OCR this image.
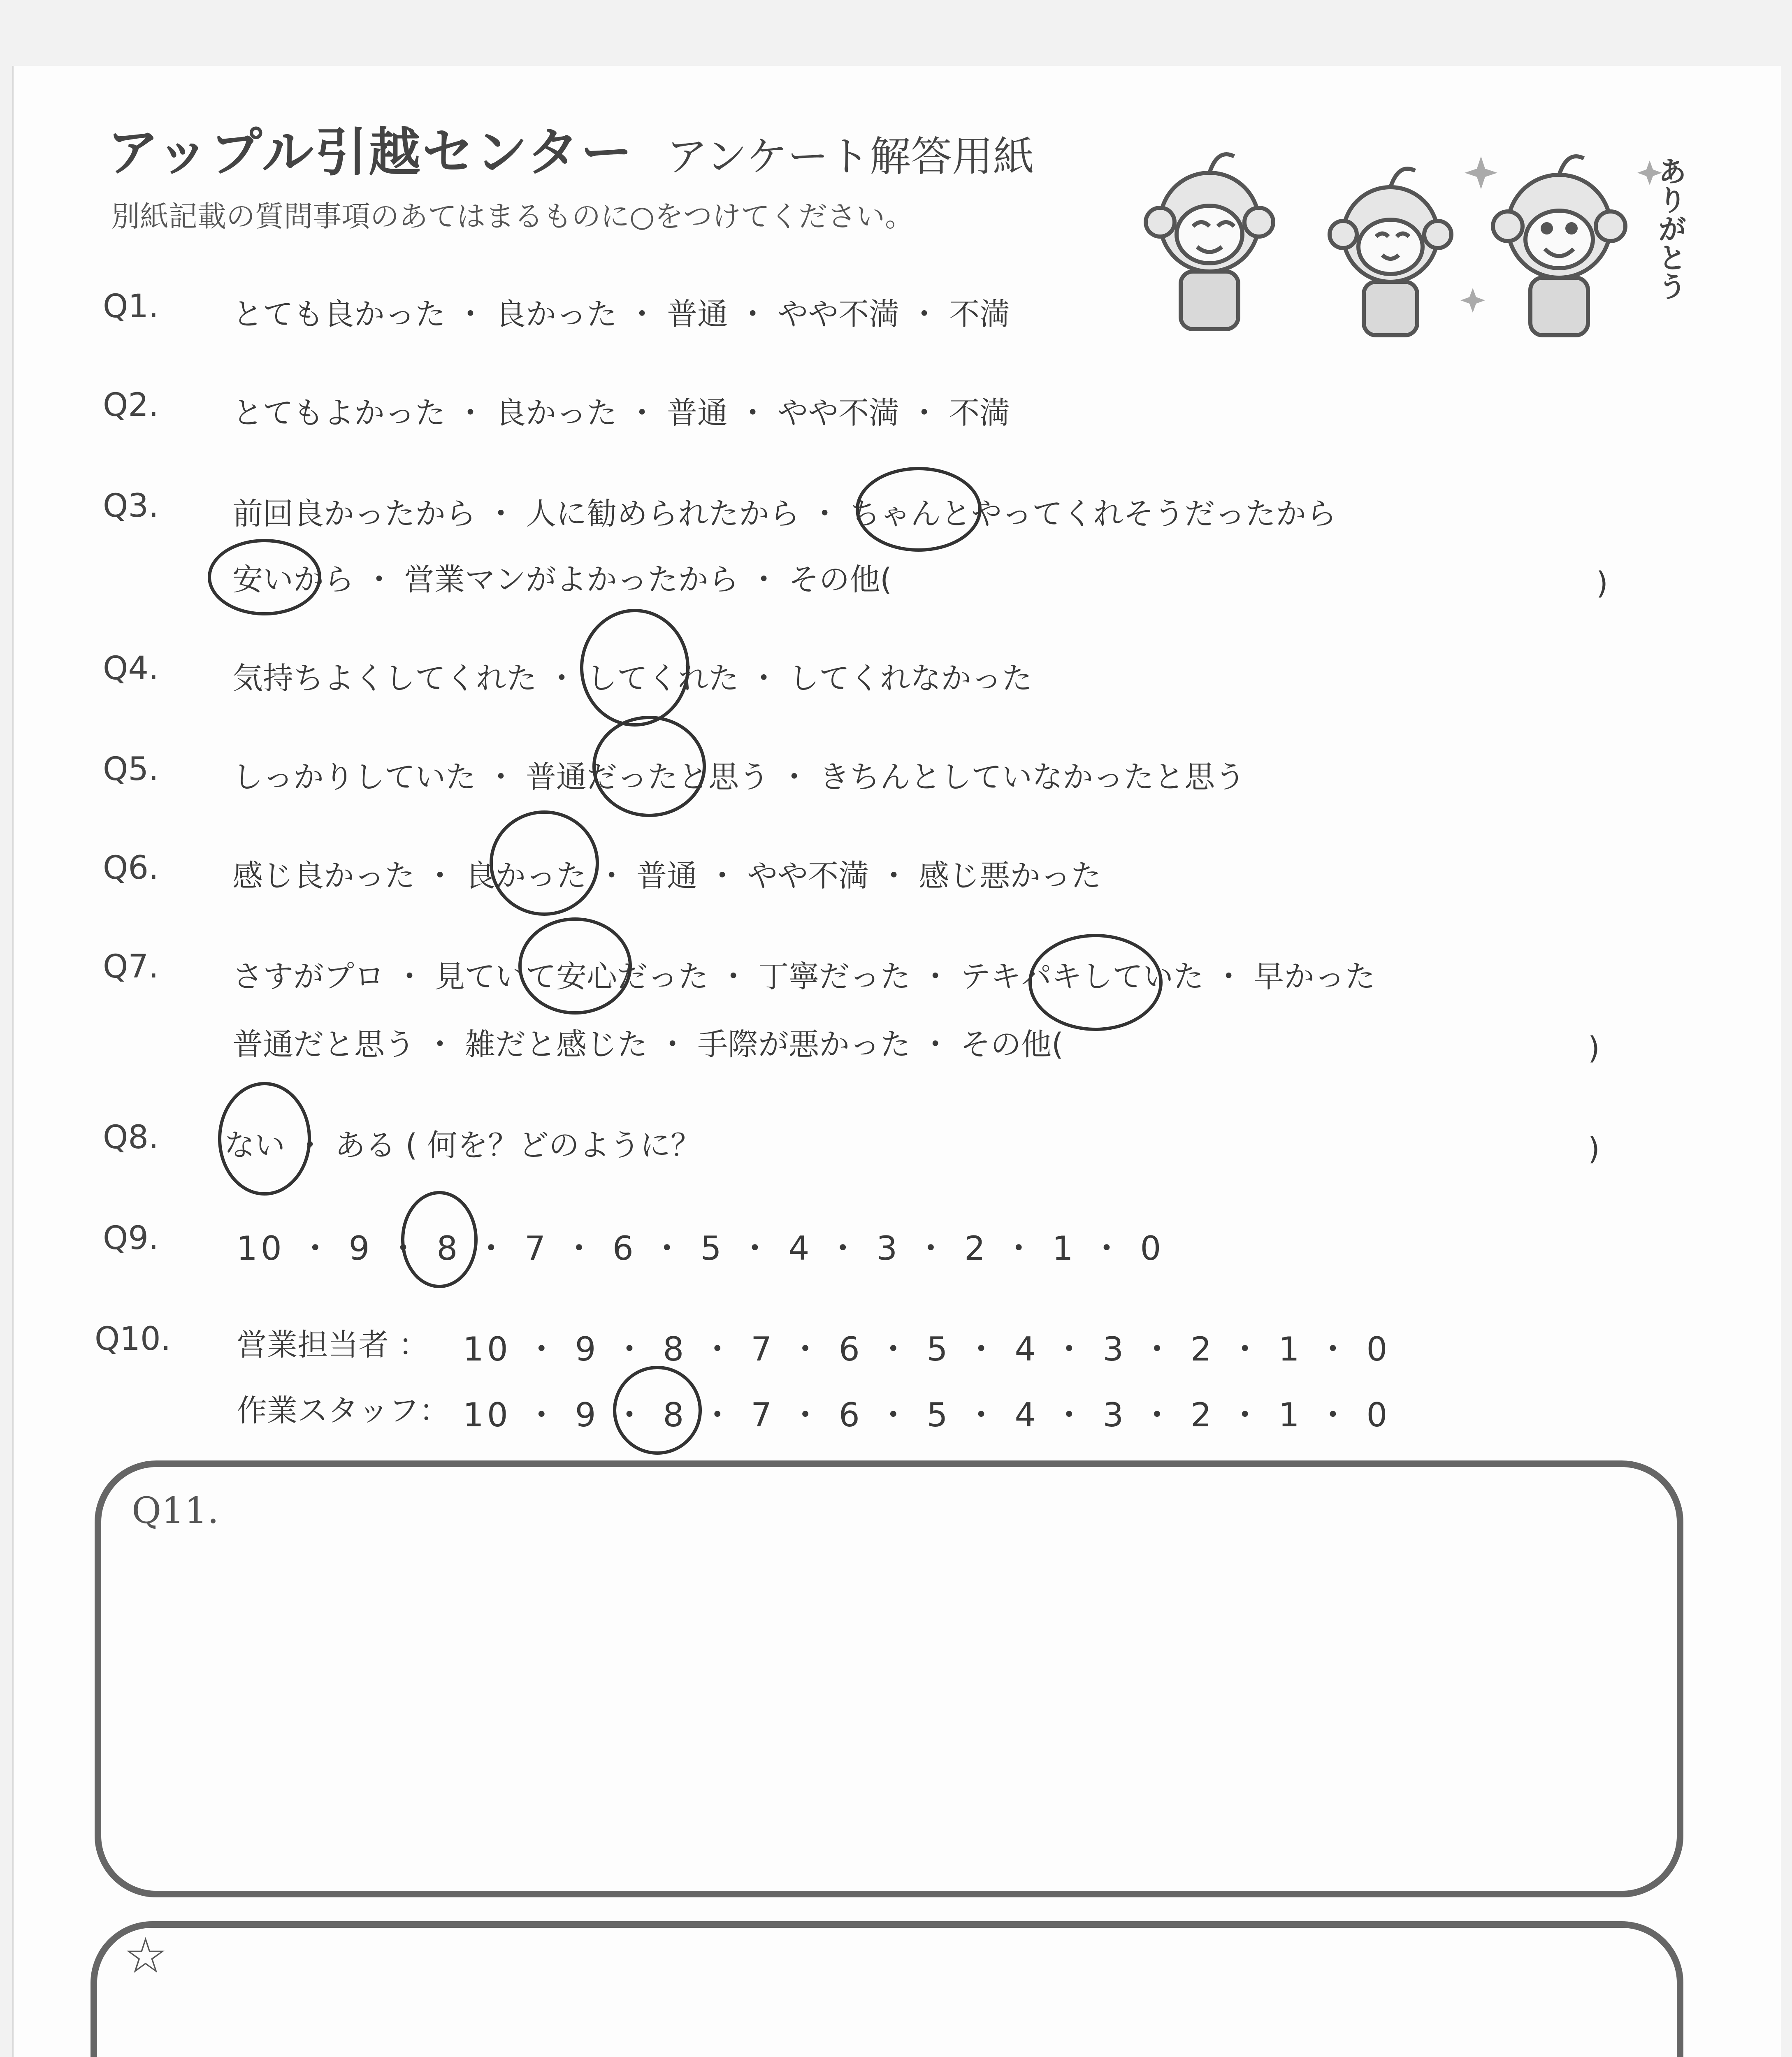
アップル引越センター アンケート解答用紙
別紙記載の質問事項のあてはまるものに○をつけてください。	ありがとう
Q1. とても良かった ・ 良かった ・ 普通 ・ やや不満 ・ 不満
Q2. とてもよかった ・ 良かった ・ 普通 ・ やや不満 ・ 不満
Q3. 前回良かったから ・ 人に勧められたから ・ ちゃんとやってくれそうだったから
安いから ・ 営業マンがよかったから ・ その他(	)
Q4. 気持ちよくしてくれた ・ してくれた ・ してくれなかった
Q5. しっかりしていた ・ 普通だったと思う ・ きちんとしていなかったと思う
Q6. 感じ良かった ・ 良かった ・ 普通 ・ やや不満 ・ 感じ悪かった
Q7. さすがプロ ・ 見ていて安心だった ・ 丁寧だった ・ テキパキしていた ・ 早かった
普通だと思う ・ 雑だと感じた ・ 手際が悪かった ・ その他(	)
Q8. ない ・ ある ( 何を？どのように？	)
Q9. 10 ・ 9 ・ 8 ・ 7 ・ 6 ・ 5 ・ 4 ・ 3 ・ 2 ・ 1 ・ 0
Q10. 営業担当者 ： 10 ・ 9 ・ 8 ・ 7 ・ 6 ・ 5 ・ 4 ・ 3 ・ 2 ・ 1 ・ 0
作業スタッフ： 10 ・ 9 ・ 8 ・ 7 ・ 6 ・ 5 ・ 4 ・ 3 ・ 2 ・ 1 ・ 0
Q11.
☆
